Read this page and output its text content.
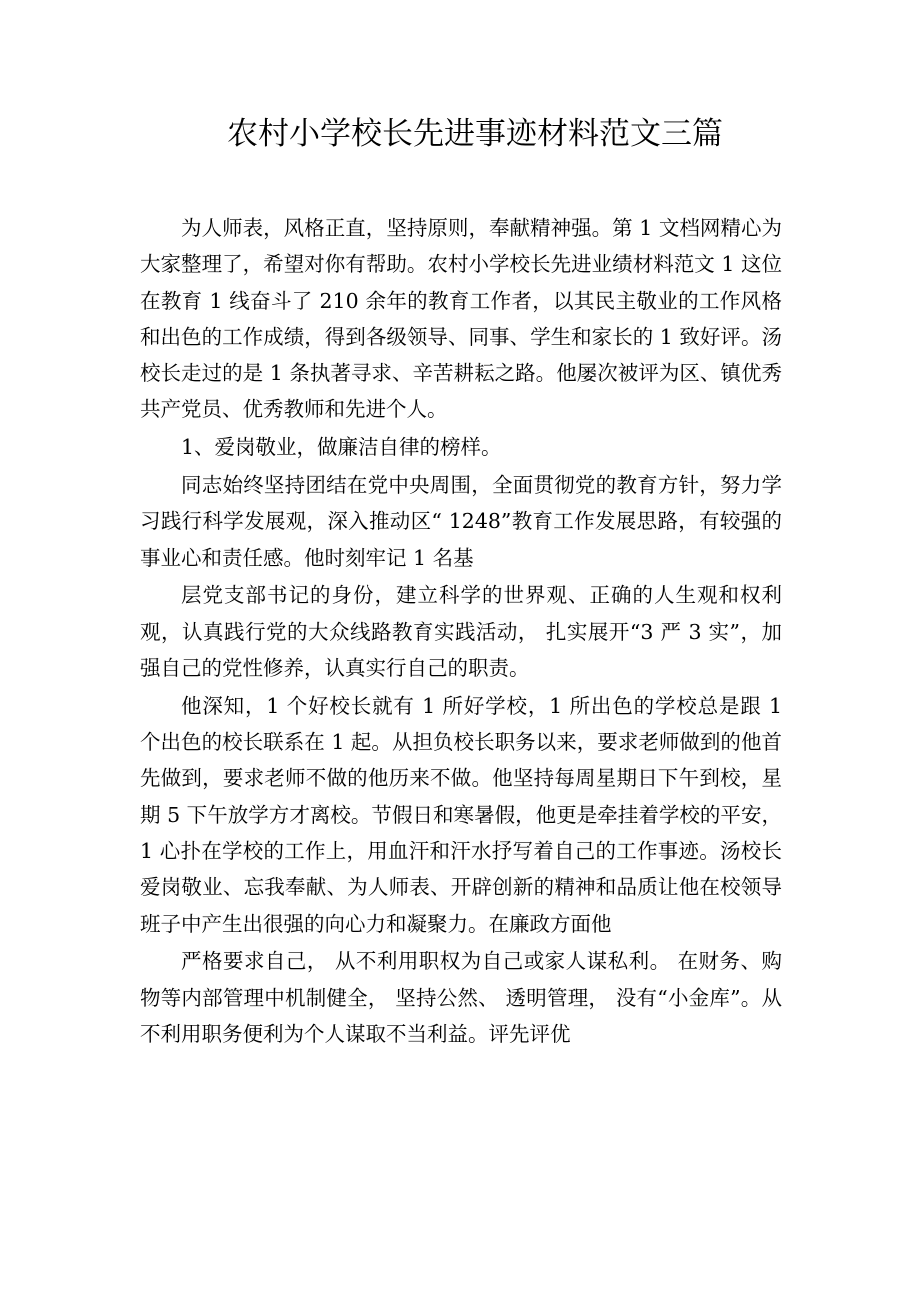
农村小学校长先进事迹材料范文三篇

为人师表，风格正直，坚持原则，奉献精神强。第 1 文档网精心为大家整理了，希望对你有帮助。农村小学校长先进业绩材料范文 1 这位在教育 1 线奋斗了 210 余年的教育工作者，以其民主敬业的工作风格和出色的工作成绩，得到各级领导、同事、学生和家长的 1 致好评。汤校长走过的是 1 条执著寻求、辛苦耕耘之路。他屡次被评为区、镇优秀共产党员、优秀教师和先进个人。

1、爱岗敬业，做廉洁自律的榜样。

同志始终坚持团结在党中央周围，全面贯彻党的教育方针，努力学习践行科学发展观，深入推动区“ 1248”教育工作发展思路，有较强的事业心和责任感。他时刻牢记 1 名基

层党支部书记的身份，建立科学的世界观、正确的人生观和权利观，认真践行党的大众线路教育实践活动， 扎实展开“3 严 3 实”，加强自己的党性修养，认真实行自己的职责。

他深知，1 个好校长就有 1 所好学校，1 所出色的学校总是跟 1 个出色的校长联系在 1 起。从担负校长职务以来，要求老师做到的他首先做到，要求老师不做的他历来不做。他坚持每周星期日下午到校，星期 5 下午放学方才离校。节假日和寒暑假，他更是牵挂着学校的平安，1 心扑在学校的工作上，用血汗和汗水抒写着自己的工作事迹。汤校长爱岗敬业、忘我奉献、为人师表、开辟创新的精神和品质让他在校领导班子中产生出很强的向心力和凝聚力。在廉政方面他

严格要求自己， 从不利用职权为自己或家人谋私利。 在财务、购物等内部管理中机制健全， 坚持公然、 透明管理， 没有“小金库”。从不利用职务便利为个人谋取不当利益。评先评优
